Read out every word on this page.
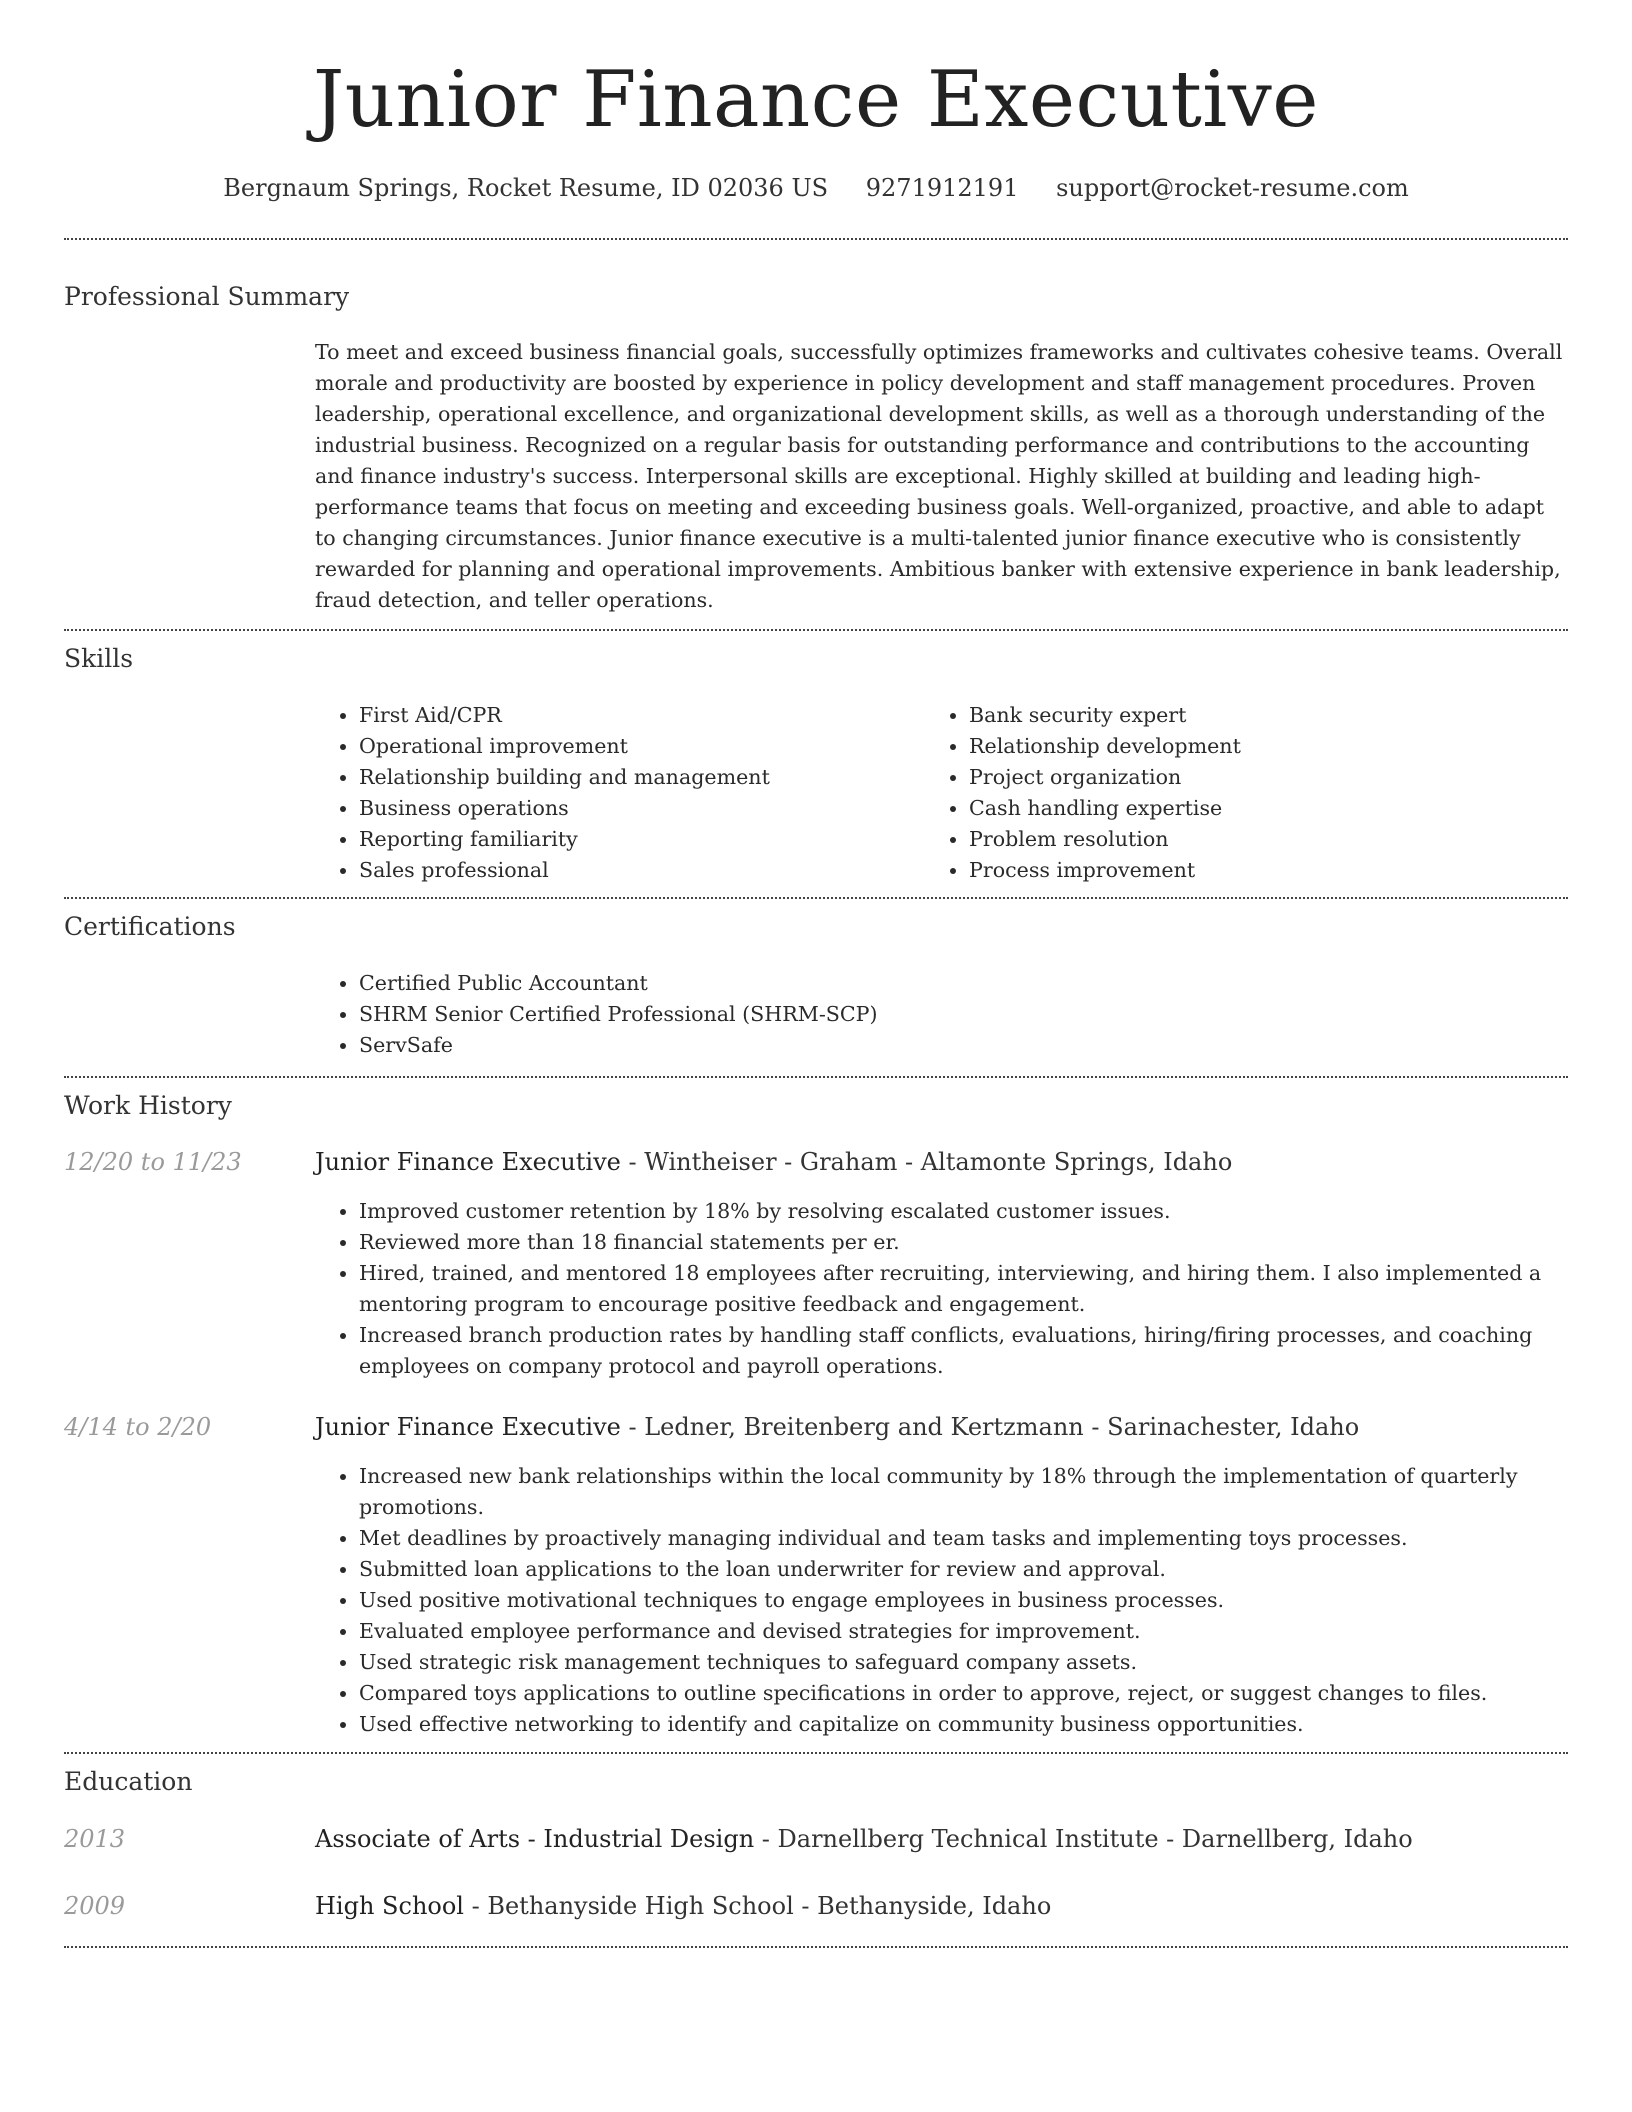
Junior Finance Executive
Bergnaum Springs, Rocket Resume, ID 02036 US 9271912191 support@rocket-resume.com
Professional Summary
To meet and exceed business financial goals, successfully optimizes frameworks and cultivates cohesive teams. Overall morale and productivity are boosted by experience in policy development and staff management procedures. Proven leadership, operational excellence, and organizational development skills, as well as a thorough understanding of the industrial business. Recognized on a regular basis for outstanding performance and contributions to the accounting and finance industry's success. Interpersonal skills are exceptional. Highly skilled at building and leading high-performance teams that focus on meeting and exceeding business goals. Well-organized, proactive, and able to adapt to changing circumstances. Junior finance executive is a multi-talented junior finance executive who is consistently rewarded for planning and operational improvements. Ambitious banker with extensive experience in bank leadership, fraud detection, and teller operations.
Skills
• First Aid/CPR
• Operational improvement
• Relationship building and management
• Business operations
• Reporting familiarity
• Sales professional
• Bank security expert
• Relationship development
• Project organization
• Cash handling expertise
• Problem resolution
• Process improvement
Certifications
• Certified Public Accountant
• SHRM Senior Certified Professional (SHRM-SCP)
• ServSafe
Work History
12/20 to 11/23	Junior Finance Executive - Wintheiser - Graham - Altamonte Springs, Idaho
• Improved customer retention by 18% by resolving escalated customer issues.
• Reviewed more than 18 financial statements per er.
• Hired, trained, and mentored 18 employees after recruiting, interviewing, and hiring them. I also implemented a mentoring program to encourage positive feedback and engagement.
• Increased branch production rates by handling staff conflicts, evaluations, hiring/firing processes, and coaching employees on company protocol and payroll operations.
4/14 to 2/20	Junior Finance Executive - Ledner, Breitenberg and Kertzmann - Sarinachester, Idaho
• Increased new bank relationships within the local community by 18% through the implementation of quarterly promotions.
• Met deadlines by proactively managing individual and team tasks and implementing toys processes.
• Submitted loan applications to the loan underwriter for review and approval.
• Used positive motivational techniques to engage employees in business processes.
• Evaluated employee performance and devised strategies for improvement.
• Used strategic risk management techniques to safeguard company assets.
• Compared toys applications to outline specifications in order to approve, reject, or suggest changes to files.
• Used effective networking to identify and capitalize on community business opportunities.
Education
2013	Associate of Arts - Industrial Design - Darnellberg Technical Institute - Darnellberg, Idaho
2009	High School - Bethanyside High School - Bethanyside, Idaho
